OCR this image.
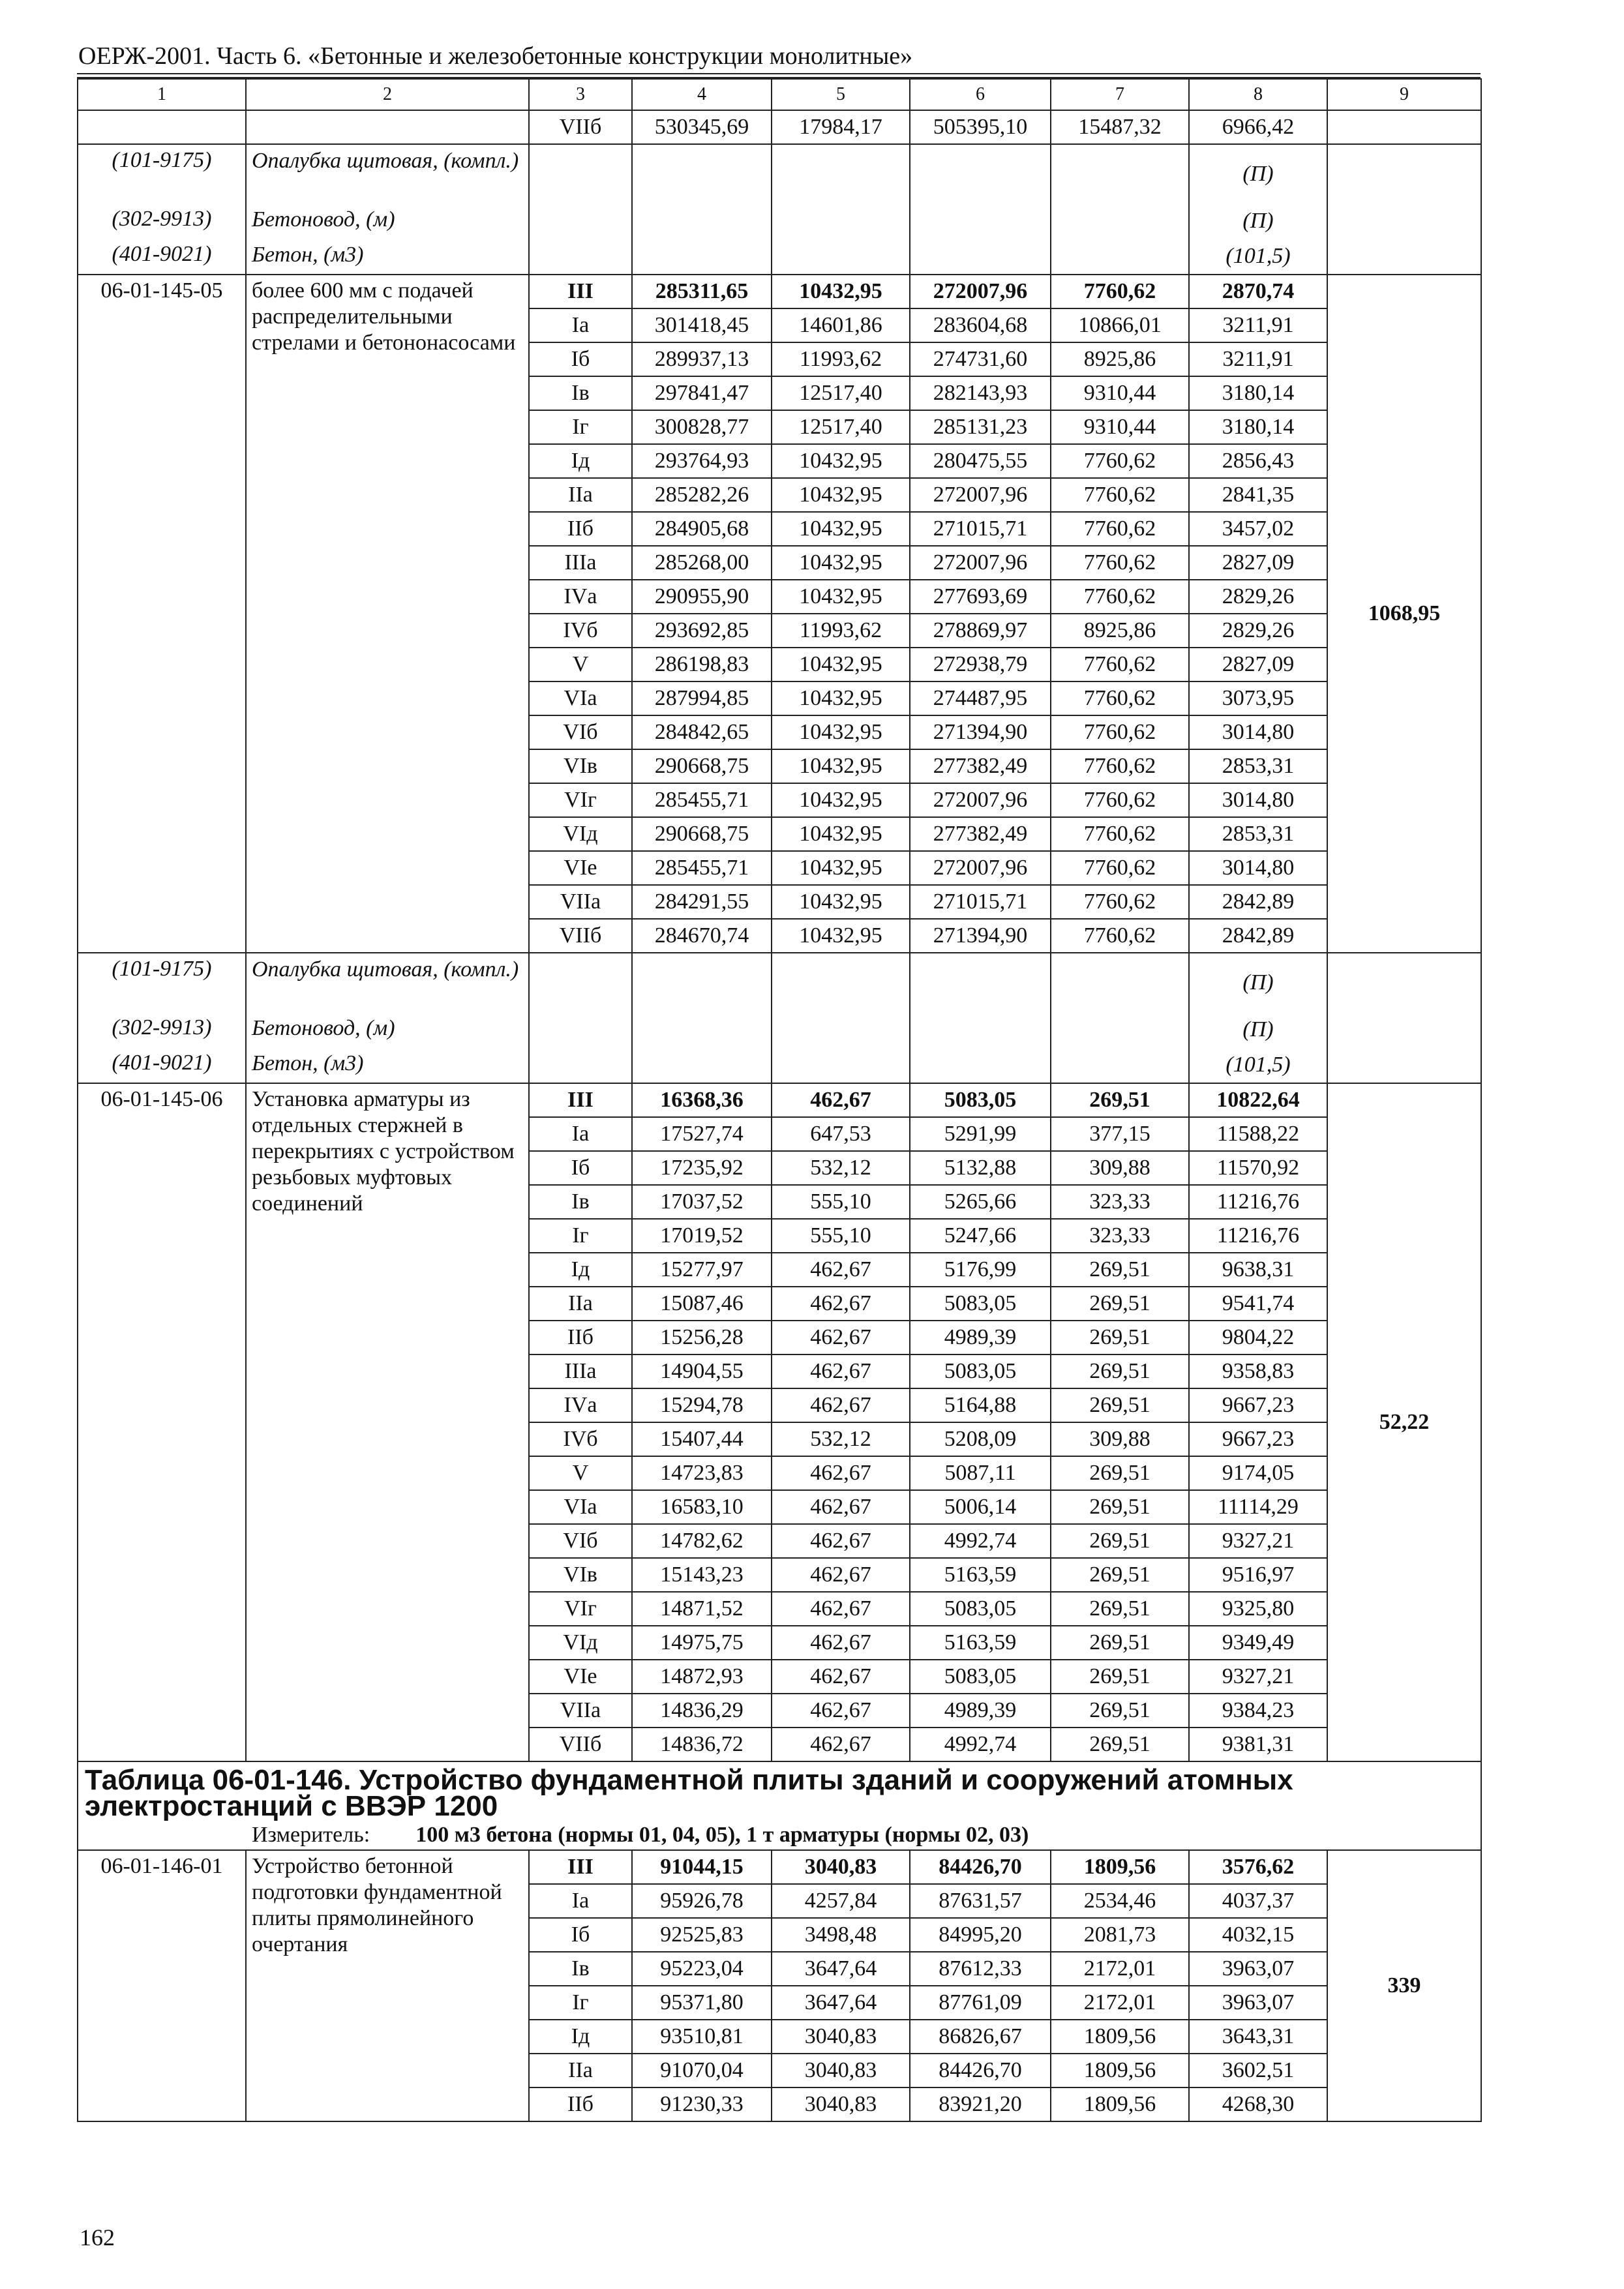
ОЕРЖ-2001. Часть 6. «Бетонные и железобетонные конструкции монолитные»
1	2	3	4	5	6	7	8	9
		VIIб	530345,69	17984,17	505395,10	15487,32	6966,42	
(101-9175)	Опалубка щитовая, (компл.)						(П)	
(302-9913)	Бетоновод, (м)						(П)	
(401-9021)	Бетон, (м3)						(101,5)	
06-01-145-05	более 600 мм с подачей распределительными стрелами и бетононасосами	III	285311,65	10432,95	272007,96	7760,62	2870,74	1068,95
		Iа	301418,45	14601,86	283604,68	10866,01	3211,91	
		Iб	289937,13	11993,62	274731,60	8925,86	3211,91	
		Iв	297841,47	12517,40	282143,93	9310,44	3180,14	
		Iг	300828,77	12517,40	285131,23	9310,44	3180,14	
		Iд	293764,93	10432,95	280475,55	7760,62	2856,43	
		IIа	285282,26	10432,95	272007,96	7760,62	2841,35	
		IIб	284905,68	10432,95	271015,71	7760,62	3457,02	
		IIIа	285268,00	10432,95	272007,96	7760,62	2827,09	
		IVа	290955,90	10432,95	277693,69	7760,62	2829,26	
		IVб	293692,85	11993,62	278869,97	8925,86	2829,26	
		V	286198,83	10432,95	272938,79	7760,62	2827,09	
		VIа	287994,85	10432,95	274487,95	7760,62	3073,95	
		VIб	284842,65	10432,95	271394,90	7760,62	3014,80	
		VIв	290668,75	10432,95	277382,49	7760,62	2853,31	
		VIг	285455,71	10432,95	272007,96	7760,62	3014,80	
		VIд	290668,75	10432,95	277382,49	7760,62	2853,31	
		VIе	285455,71	10432,95	272007,96	7760,62	3014,80	
		VIIа	284291,55	10432,95	271015,71	7760,62	2842,89	
		VIIб	284670,74	10432,95	271394,90	7760,62	2842,89	
(101-9175)	Опалубка щитовая, (компл.)						(П)	
(302-9913)	Бетоновод, (м)						(П)	
(401-9021)	Бетон, (м3)						(101,5)	
06-01-145-06	Установка арматуры из отдельных стержней в перекрытиях с устройством резьбовых муфтовых соединений	III	16368,36	462,67	5083,05	269,51	10822,64	52,22
		Iа	17527,74	647,53	5291,99	377,15	11588,22	
		Iб	17235,92	532,12	5132,88	309,88	11570,92	
		Iв	17037,52	555,10	5265,66	323,33	11216,76	
		Iг	17019,52	555,10	5247,66	323,33	11216,76	
		Iд	15277,97	462,67	5176,99	269,51	9638,31	
		IIа	15087,46	462,67	5083,05	269,51	9541,74	
		IIб	15256,28	462,67	4989,39	269,51	9804,22	
		IIIа	14904,55	462,67	5083,05	269,51	9358,83	
		IVа	15294,78	462,67	5164,88	269,51	9667,23	
		IVб	15407,44	532,12	5208,09	309,88	9667,23	
		V	14723,83	462,67	5087,11	269,51	9174,05	
		VIа	16583,10	462,67	5006,14	269,51	11114,29	
		VIб	14782,62	462,67	4992,74	269,51	9327,21	
		VIв	15143,23	462,67	5163,59	269,51	9516,97	
		VIг	14871,52	462,67	5083,05	269,51	9325,80	
		VIд	14975,75	462,67	5163,59	269,51	9349,49	
		VIе	14872,93	462,67	5083,05	269,51	9327,21	
		VIIа	14836,29	462,67	4989,39	269,51	9384,23	
		VIIб	14836,72	462,67	4992,74	269,51	9381,31	
Таблица 06-01-146. Устройство фундаментной плиты зданий и сооружений атомных электростанций с ВВЭР 1200								
Измеритель: 100 м3 бетона (нормы 01, 04, 05), 1 т арматуры (нормы 02, 03)								
06-01-146-01	Устройство бетонной подготовки фундаментной плиты прямолинейного очертания	III	91044,15	3040,83	84426,70	1809,56	3576,62	339
		Iа	95926,78	4257,84	87631,57	2534,46	4037,37	
		Iб	92525,83	3498,48	84995,20	2081,73	4032,15	
		Iв	95223,04	3647,64	87612,33	2172,01	3963,07	
		Iг	95371,80	3647,64	87761,09	2172,01	3963,07	
		Iд	93510,81	3040,83	86826,67	1809,56	3643,31	
		IIа	91070,04	3040,83	84426,70	1809,56	3602,51	
		IIб	91230,33	3040,83	83921,20	1809,56	4268,30	
162
